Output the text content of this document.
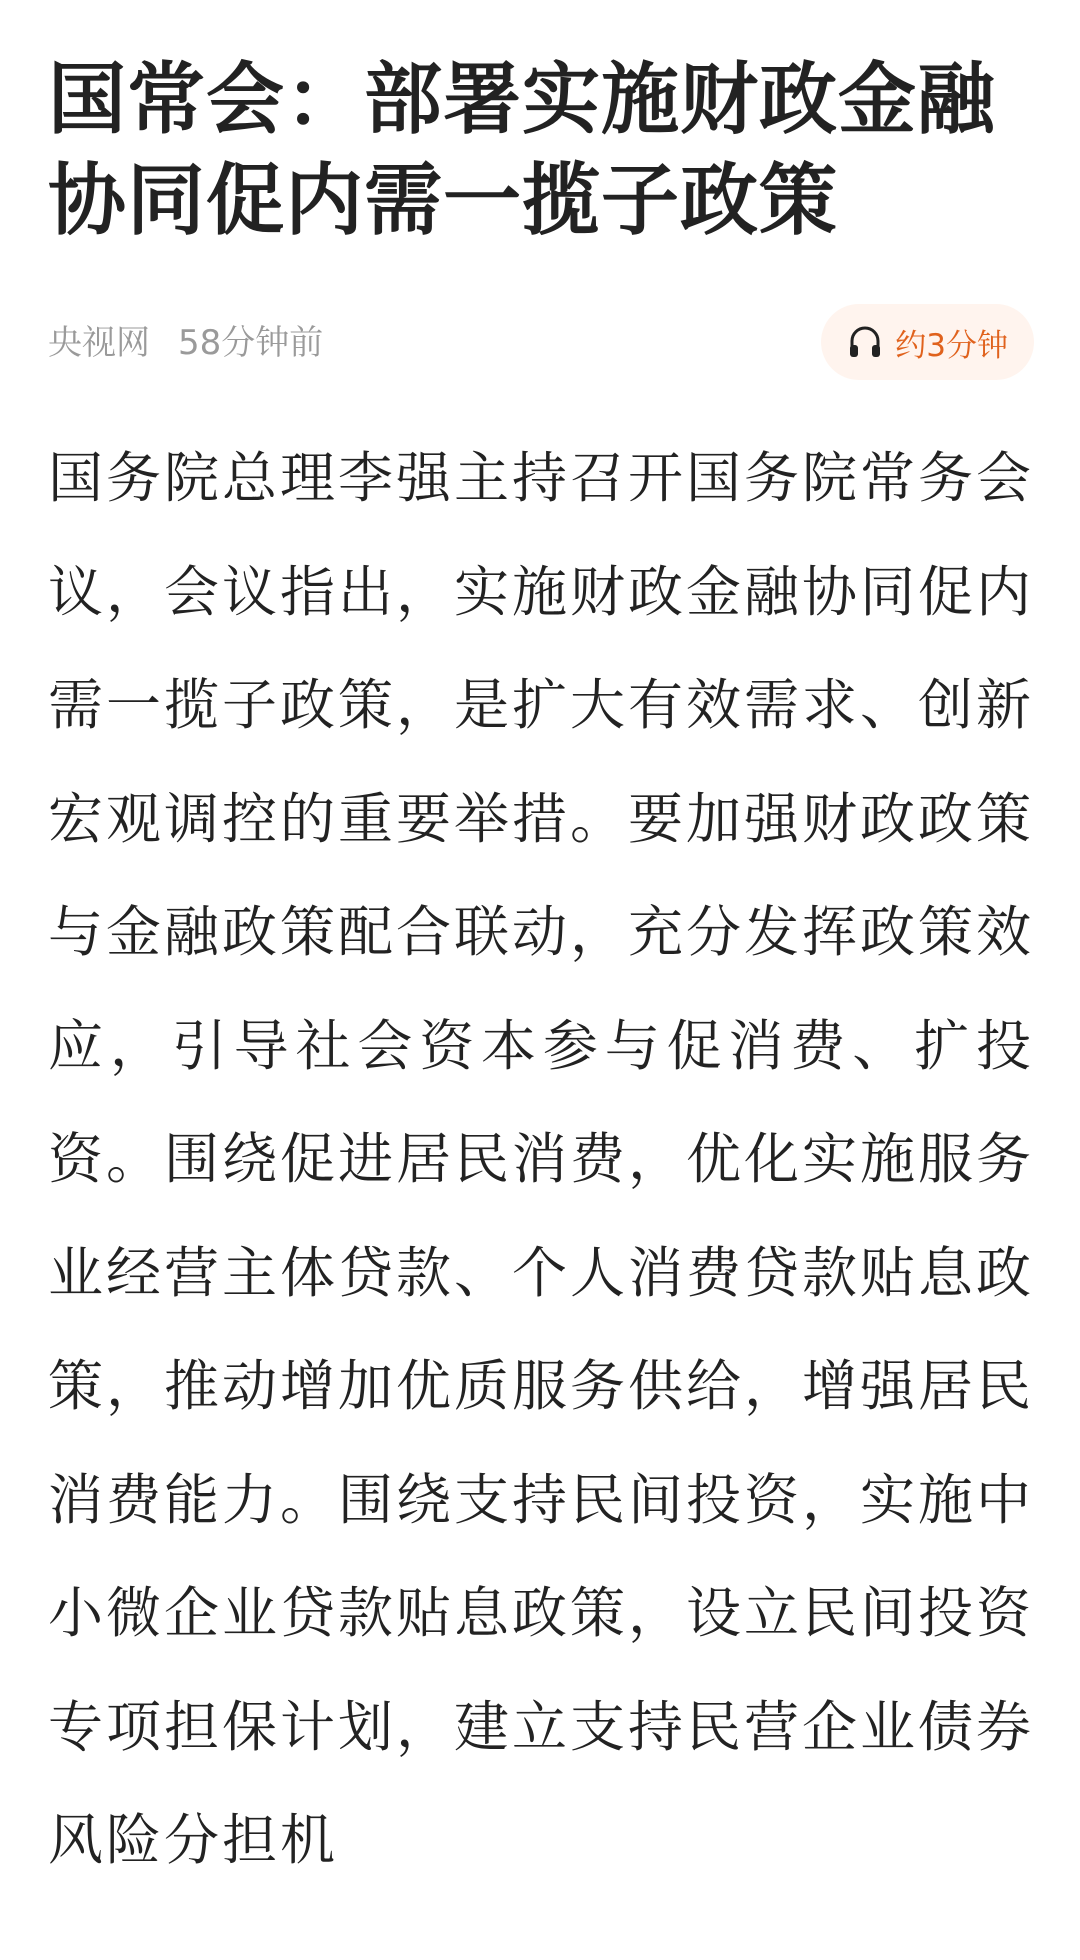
国常会：部署实施财政金融协同促内需一揽子政策
央视网 58分钟前	约3分钟

国务院总理李强主持召开国务院常务会议，会议指出，实施财政金融协同促内需一揽子政策，是扩大有效需求、创新宏观调控的重要举措。要加强财政政策与金融政策配合联动，充分发挥政策效应，引导社会资本参与促消费、扩投资。围绕促进居民消费，优化实施服务业经营主体贷款、个人消费贷款贴息政策，推动增加优质服务供给，增强居民消费能力。围绕支持民间投资，实施中小微企业贷款贴息政策，设立民间投资专项担保计划，建立支持民营企业债券风险分担机
